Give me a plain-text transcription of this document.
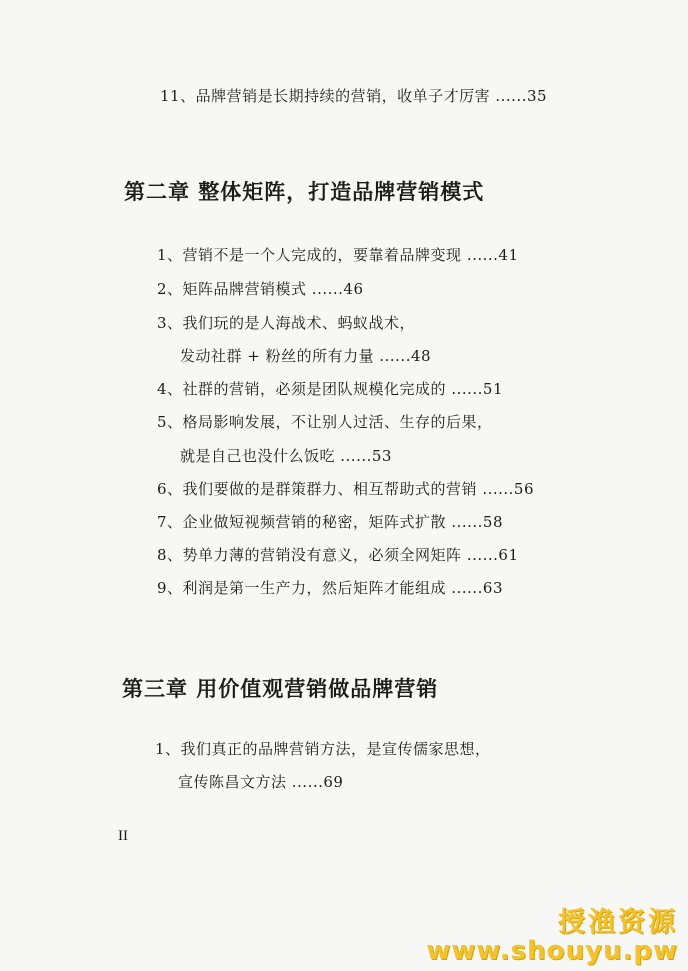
11、品牌营销是长期持续的营销，收单子才厉害 ......35
第二章 整体矩阵，打造品牌营销模式
1、营销不是一个人完成的，要靠着品牌变现 ......41
2、矩阵品牌营销模式 ......46
3、我们玩的是人海战术、蚂蚁战术，
发动社群 + 粉丝的所有力量 ......48
4、社群的营销，必须是团队规模化完成的 ......51
5、格局影响发展，不让别人过活、生存的后果，
就是自己也没什么饭吃 ......53
6、我们要做的是群策群力、相互帮助式的营销 ......56
7、企业做短视频营销的秘密，矩阵式扩散 ......58
8、势单力薄的营销没有意义，必须全网矩阵 ......61
9、利润是第一生产力，然后矩阵才能组成 ......63
第三章 用价值观营销做品牌营销
1、我们真正的品牌营销方法，是宣传儒家思想，
宣传陈昌文方法 ......69
II
授渔资源
www.shouyu.pw
